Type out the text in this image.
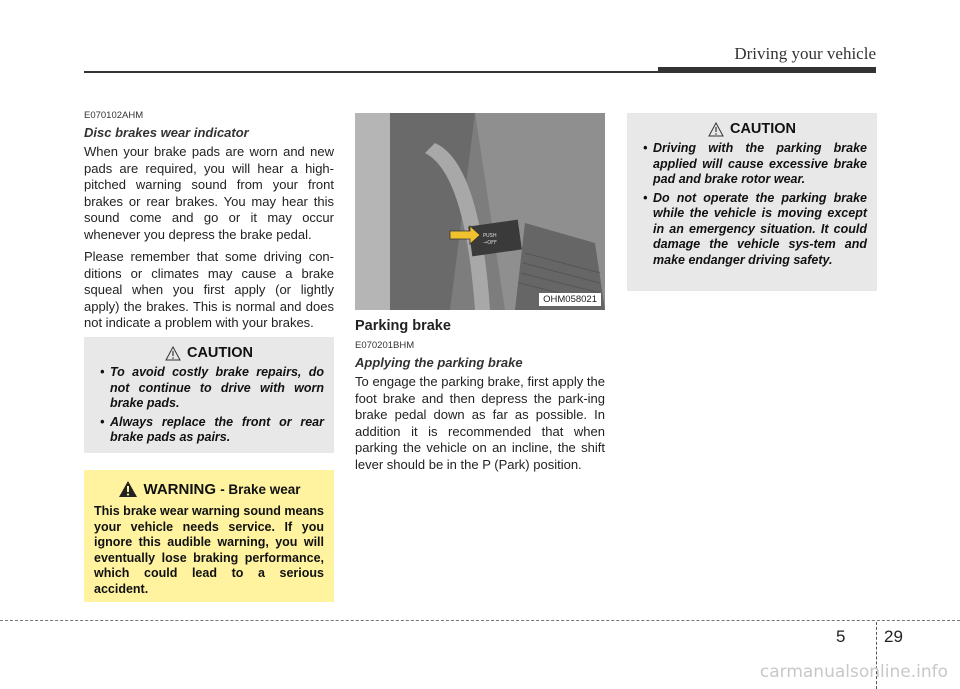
Driving your vehicle
E070102AHM
Disc brakes wear indicator

When your brake pads are worn and new pads are required, you will hear a high-pitched warning sound from your front brakes or rear brakes. You may hear this sound come and go or it may occur whenever you depress the brake pedal.

Please remember that some driving con-ditions or climates may cause a brake squeal when you first apply (or lightly apply) the brakes. This is normal and does not indicate a problem with your brakes.

CAUTION
• To avoid costly brake repairs, do not continue to drive with worn brake pads.
• Always replace the front or rear brake pads as pairs.
WARNING - Brake wear

This brake wear warning sound means your vehicle needs service. If you ignore this audible warning, you will eventually lose braking performance, which could lead to a serious accident.

PUSH
→OFF
OHM058021
Parking brake
E070201BHM
Applying the parking brake

To engage the parking brake, first apply the foot brake and then depress the park-ing brake pedal down as far as possible. In addition it is recommended that when parking the vehicle on an incline, the shift lever should be in the P (Park) position.

CAUTION
• Driving with the parking brake applied will cause excessive brake pad and brake rotor wear.
• Do not operate the parking brake while the vehicle is moving except in an emergency situation. It could damage the vehicle sys-tem and make endanger driving safety.
5 29
carmanualsonline.info
